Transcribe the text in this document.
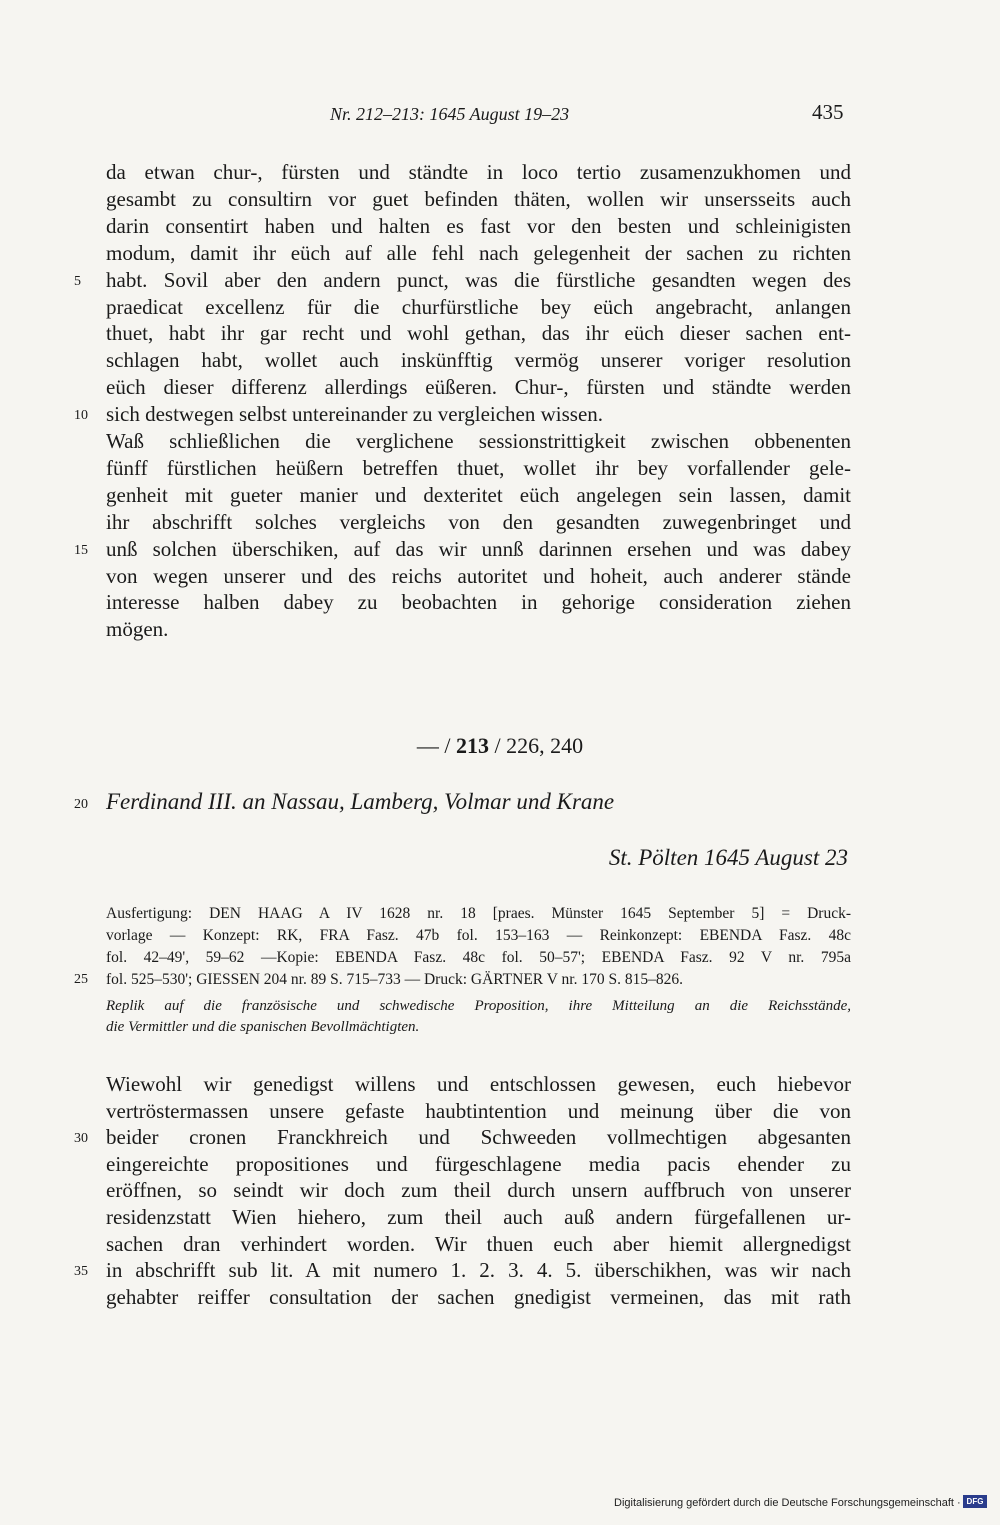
Nr. 212–213: 1645 August 19–23	435
da etwan chur-, fürsten und ständte in loco tertio zusamenzukhomen und
gesambt zu consultirn vor guet befinden thäten, wollen wir unsersseits auch
darin consentirt haben und halten es fast vor den besten und schleinigisten
modum, damit ihr eüch auf alle fehl nach gelegenheit der sachen zu richten
habt. Sovil aber den andern punct, was die fürstliche gesandten wegen des
5
praedicat excellenz für die churfürstliche bey eüch angebracht, anlangen
thuet, habt ihr gar recht und wohl gethan, das ihr eüch dieser sachen ent-
schlagen habt, wollet auch inskünfftig vermög unserer voriger resolution
eüch dieser differenz allerdings eüßeren. Chur-, fürsten und ständte werden
sich destwegen selbst untereinander zu vergleichen wissen.
10
Waß schließlichen die verglichene sessionstrittigkeit zwischen obbenenten
fünff fürstlichen heüßern betreffen thuet, wollet ihr bey vorfallender gele-
genheit mit gueter manier und dexteritet eüch angelegen sein lassen, damit
ihr abschrifft solches vergleichs von den gesandten zuwegenbringet und
unß solchen überschiken, auf das wir unnß darinnen ersehen und was dabey
15
von wegen unserer und des reichs autoritet und hoheit, auch anderer stände
interesse halben dabey zu beobachten in gehorige consideration ziehen
mögen.
— / 213 / 226, 240
20 Ferdinand III. an Nassau, Lamberg, Volmar und Krane
St. Pölten 1645 August 23
Ausfertigung: DEN HAAG A IV 1628 nr. 18 [praes. Münster 1645 September 5] = Druck-
vorlage — Konzept: RK, FRA Fasz. 47b fol. 153–163 — Reinkonzept: EBENDA Fasz. 48c
fol. 42–49', 59–62 —Kopie: EBENDA Fasz. 48c fol. 50–57'; EBENDA Fasz. 92 V nr. 795a
fol. 525–530'; GIESSEN 204 nr. 89 S. 715–733 — Druck: GÄRTNER V nr. 170 S. 815–826.
25
Replik auf die französische und schwedische Proposition, ihre Mitteilung an die Reichsstände,
die Vermittler und die spanischen Bevollmächtigten.
Wiewohl wir genedigst willens und entschlossen gewesen, euch hiebevor
vertröstermassen unsere gefaste haubtintention und meinung über die von
beider cronen Franckhreich und Schweeden vollmechtigen abgesanten
30
eingereichte propositiones und fürgeschlagene media pacis ehender zu
eröffnen, so seindt wir doch zum theil durch unsern auffbruch von unserer
residenzstatt Wien hiehero, zum theil auch auß andern fürgefallenen ur-
sachen dran verhindert worden. Wir thuen euch aber hiemit allergnedigst
in abschrifft sub lit. A mit numero 1. 2. 3. 4. 5. überschikhen, was wir nach
35
gehabter reiffer consultation der sachen gnedigist vermeinen, das mit rath
Digitalisierung gefördert durch die Deutsche Forschungsgemeinschaft · DFG
